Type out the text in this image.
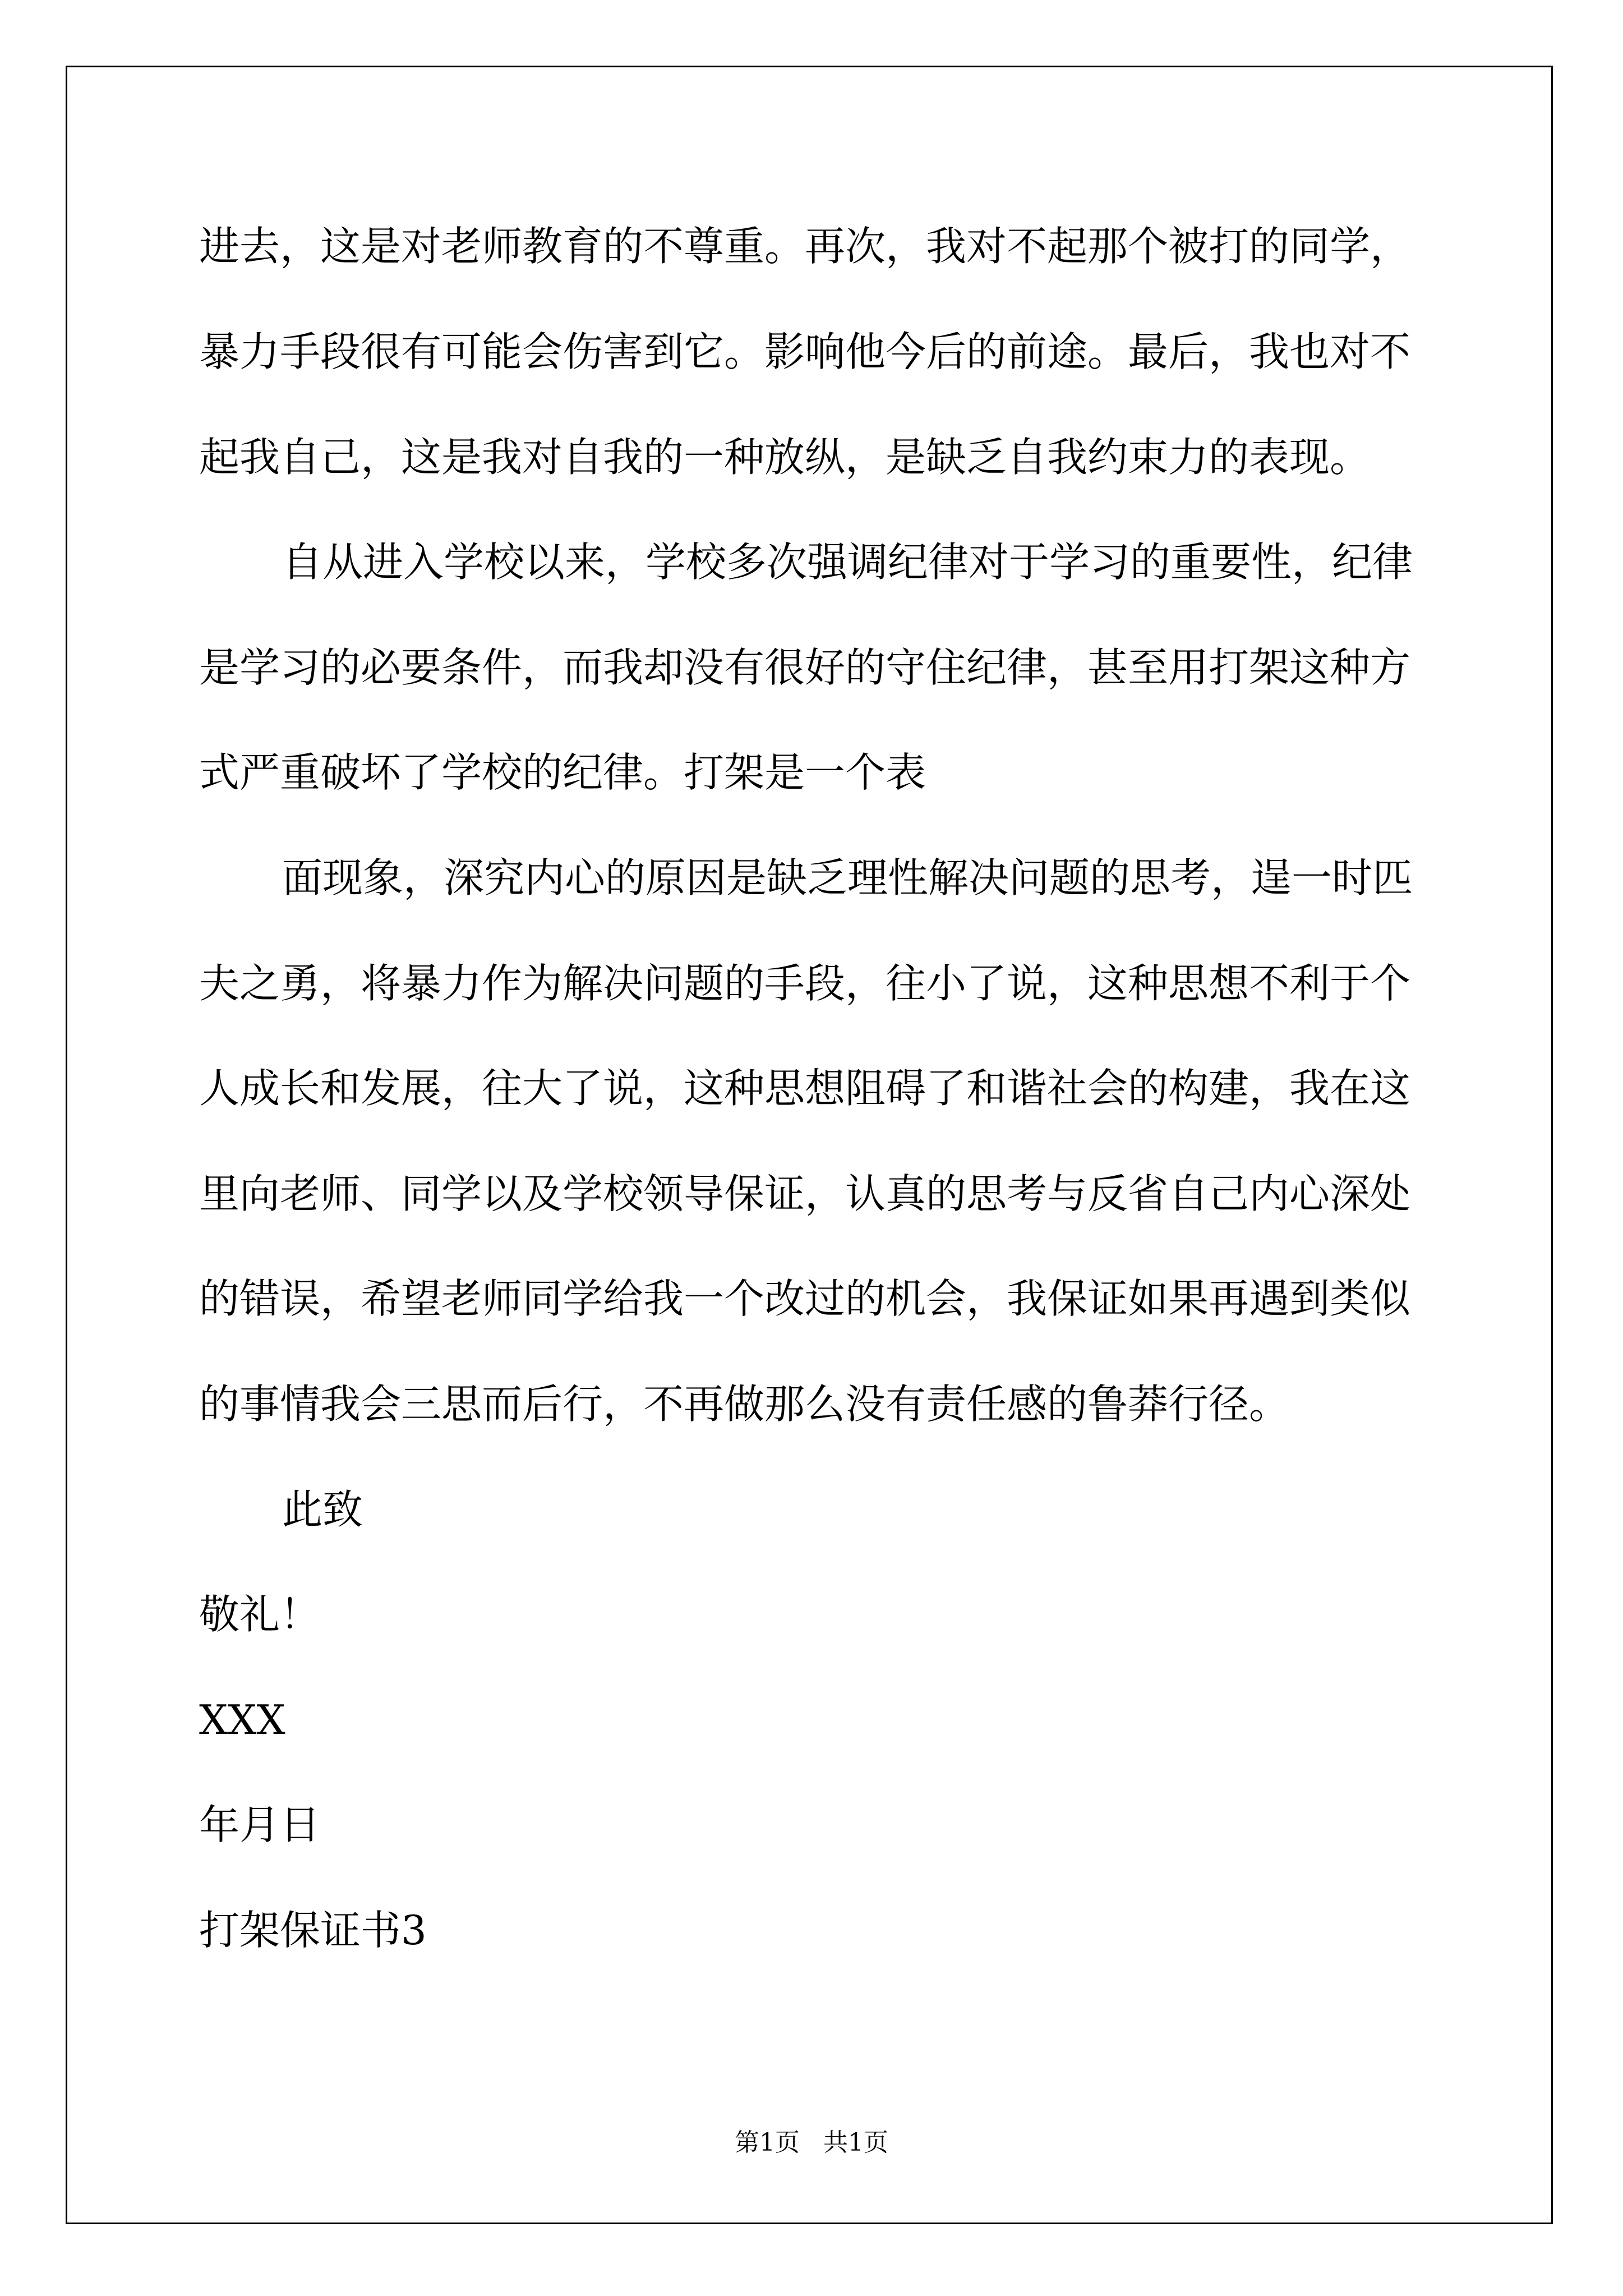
进去，这是对老师教育的不尊重。再次，我对不起那个被打的同学，
暴力手段很有可能会伤害到它。影响他今后的前途。最后，我也对不
起我自己，这是我对自我的一种放纵，是缺乏自我约束力的表现。
自从进入学校以来，学校多次强调纪律对于学习的重要性，纪律
是学习的必要条件，而我却没有很好的守住纪律，甚至用打架这种方
式严重破坏了学校的纪律。打架是一个表
面现象，深究内心的原因是缺乏理性解决问题的思考，逞一时匹
夫之勇，将暴力作为解决问题的手段，往小了说，这种思想不利于个
人成长和发展，往大了说，这种思想阻碍了和谐社会的构建，我在这
里向老师、同学以及学校领导保证，认真的思考与反省自己内心深处
的错误，希望老师同学给我一个改过的机会，我保证如果再遇到类似
的事情我会三思而后行，不再做那么没有责任感的鲁莽行径。
此致
敬礼！
XXX
年月日
打架保证书3
第1页   共1页
